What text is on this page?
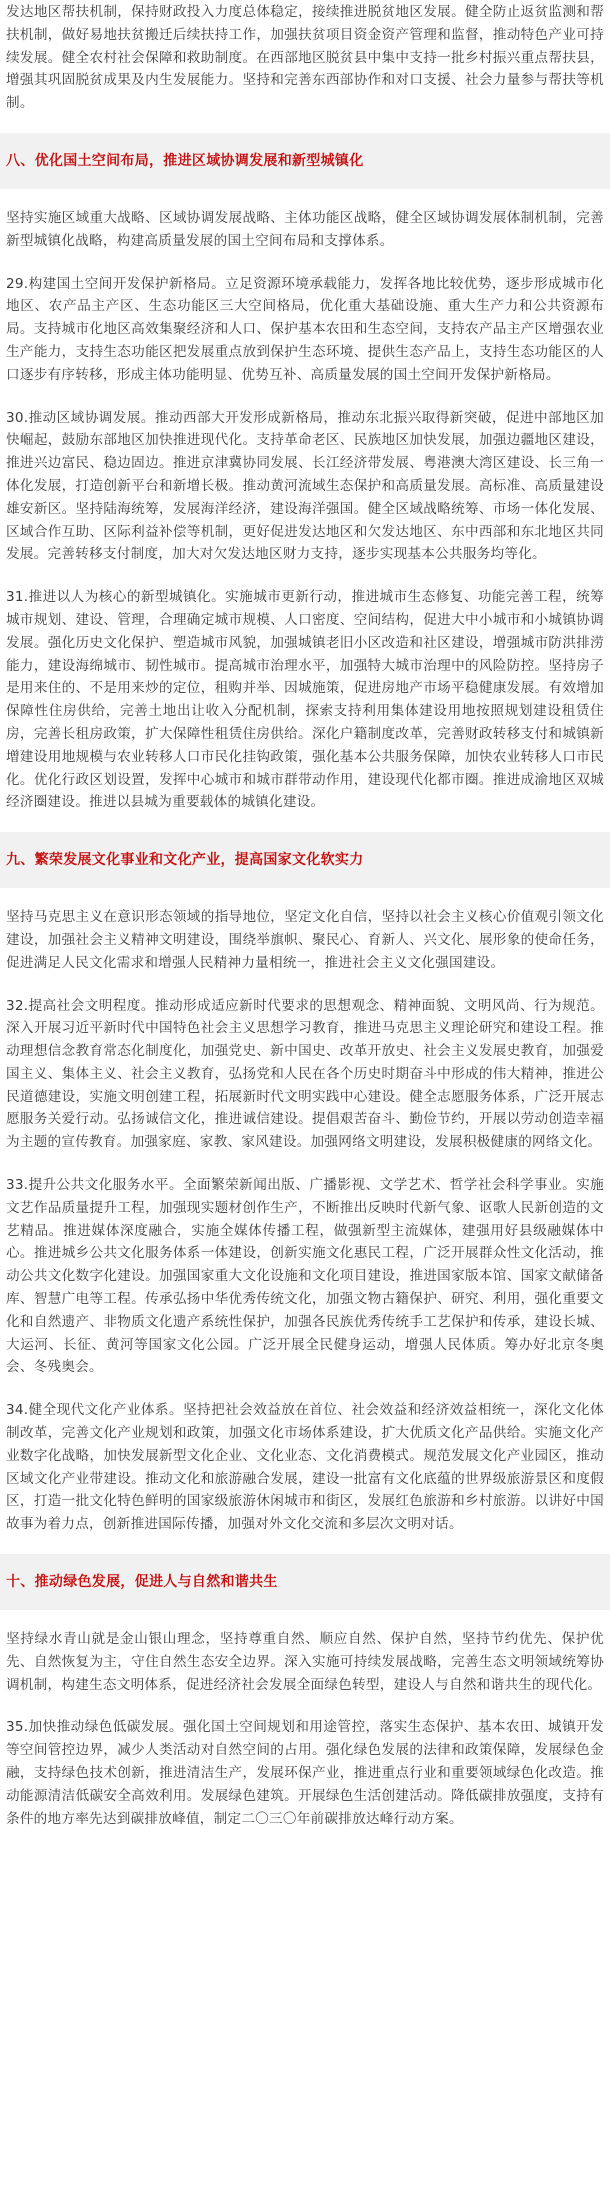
发达地区帮扶机制，保持财政投入力度总体稳定，接续推进脱贫地区发展。健全防止返贫监测和帮扶机制，做好易地扶贫搬迁后续扶持工作，加强扶贫项目资金资产管理和监督，推动特色产业可持续发展。健全农村社会保障和救助制度。在西部地区脱贫县中集中支持一批乡村振兴重点帮扶县，增强其巩固脱贫成果及内生发展能力。坚持和完善东西部协作和对口支援、社会力量参与帮扶等机制。

八、优化国土空间布局，推进区域协调发展和新型城镇化

坚持实施区域重大战略、区域协调发展战略、主体功能区战略，健全区域协调发展体制机制，完善新型城镇化战略，构建高质量发展的国土空间布局和支撑体系。

29.构建国土空间开发保护新格局。立足资源环境承载能力，发挥各地比较优势，逐步形成城市化地区、农产品主产区、生态功能区三大空间格局，优化重大基础设施、重大生产力和公共资源布局。支持城市化地区高效集聚经济和人口、保护基本农田和生态空间，支持农产品主产区增强农业生产能力，支持生态功能区把发展重点放到保护生态环境、提供生态产品上，支持生态功能区的人口逐步有序转移，形成主体功能明显、优势互补、高质量发展的国土空间开发保护新格局。

30.推动区域协调发展。推动西部大开发形成新格局，推动东北振兴取得新突破，促进中部地区加快崛起，鼓励东部地区加快推进现代化。支持革命老区、民族地区加快发展，加强边疆地区建设，推进兴边富民、稳边固边。推进京津冀协同发展、长江经济带发展、粤港澳大湾区建设、长三角一体化发展，打造创新平台和新增长极。推动黄河流域生态保护和高质量发展。高标准、高质量建设雄安新区。坚持陆海统筹，发展海洋经济，建设海洋强国。健全区域战略统筹、市场一体化发展、区域合作互助、区际利益补偿等机制，更好促进发达地区和欠发达地区、东中西部和东北地区共同发展。完善转移支付制度，加大对欠发达地区财力支持，逐步实现基本公共服务均等化。

31.推进以人为核心的新型城镇化。实施城市更新行动，推进城市生态修复、功能完善工程，统筹城市规划、建设、管理，合理确定城市规模、人口密度、空间结构，促进大中小城市和小城镇协调发展。强化历史文化保护、塑造城市风貌，加强城镇老旧小区改造和社区建设，增强城市防洪排涝能力，建设海绵城市、韧性城市。提高城市治理水平，加强特大城市治理中的风险防控。坚持房子是用来住的、不是用来炒的定位，租购并举、因城施策，促进房地产市场平稳健康发展。有效增加保障性住房供给，完善土地出让收入分配机制，探索支持利用集体建设用地按照规划建设租赁住房，完善长租房政策，扩大保障性租赁住房供给。深化户籍制度改革，完善财政转移支付和城镇新增建设用地规模与农业转移人口市民化挂钩政策，强化基本公共服务保障，加快农业转移人口市民化。优化行政区划设置，发挥中心城市和城市群带动作用，建设现代化都市圈。推进成渝地区双城经济圈建设。推进以县城为重要载体的城镇化建设。

九、繁荣发展文化事业和文化产业，提高国家文化软实力

坚持马克思主义在意识形态领域的指导地位，坚定文化自信，坚持以社会主义核心价值观引领文化建设，加强社会主义精神文明建设，围绕举旗帜、聚民心、育新人、兴文化、展形象的使命任务，促进满足人民文化需求和增强人民精神力量相统一，推进社会主义文化强国建设。

32.提高社会文明程度。推动形成适应新时代要求的思想观念、精神面貌、文明风尚、行为规范。深入开展习近平新时代中国特色社会主义思想学习教育，推进马克思主义理论研究和建设工程。推动理想信念教育常态化制度化，加强党史、新中国史、改革开放史、社会主义发展史教育，加强爱国主义、集体主义、社会主义教育，弘扬党和人民在各个历史时期奋斗中形成的伟大精神，推进公民道德建设，实施文明创建工程，拓展新时代文明实践中心建设。健全志愿服务体系，广泛开展志愿服务关爱行动。弘扬诚信文化，推进诚信建设。提倡艰苦奋斗、勤俭节约，开展以劳动创造幸福为主题的宣传教育。加强家庭、家教、家风建设。加强网络文明建设，发展积极健康的网络文化。

33.提升公共文化服务水平。全面繁荣新闻出版、广播影视、文学艺术、哲学社会科学事业。实施文艺作品质量提升工程，加强现实题材创作生产，不断推出反映时代新气象、讴歌人民新创造的文艺精品。推进媒体深度融合，实施全媒体传播工程，做强新型主流媒体，建强用好县级融媒体中心。推进城乡公共文化服务体系一体建设，创新实施文化惠民工程，广泛开展群众性文化活动，推动公共文化数字化建设。加强国家重大文化设施和文化项目建设，推进国家版本馆、国家文献储备库、智慧广电等工程。传承弘扬中华优秀传统文化，加强文物古籍保护、研究、利用，强化重要文化和自然遗产、非物质文化遗产系统性保护，加强各民族优秀传统手工艺保护和传承，建设长城、大运河、长征、黄河等国家文化公园。广泛开展全民健身运动，增强人民体质。筹办好北京冬奥会、冬残奥会。

34.健全现代文化产业体系。坚持把社会效益放在首位、社会效益和经济效益相统一，深化文化体制改革，完善文化产业规划和政策，加强文化市场体系建设，扩大优质文化产品供给。实施文化产业数字化战略，加快发展新型文化企业、文化业态、文化消费模式。规范发展文化产业园区，推动区域文化产业带建设。推动文化和旅游融合发展，建设一批富有文化底蕴的世界级旅游景区和度假区，打造一批文化特色鲜明的国家级旅游休闲城市和街区，发展红色旅游和乡村旅游。以讲好中国故事为着力点，创新推进国际传播，加强对外文化交流和多层次文明对话。

十、推动绿色发展，促进人与自然和谐共生

坚持绿水青山就是金山银山理念，坚持尊重自然、顺应自然、保护自然，坚持节约优先、保护优先、自然恢复为主，守住自然生态安全边界。深入实施可持续发展战略，完善生态文明领域统筹协调机制，构建生态文明体系，促进经济社会发展全面绿色转型，建设人与自然和谐共生的现代化。

35.加快推动绿色低碳发展。强化国土空间规划和用途管控，落实生态保护、基本农田、城镇开发等空间管控边界，减少人类活动对自然空间的占用。强化绿色发展的法律和政策保障，发展绿色金融，支持绿色技术创新，推进清洁生产，发展环保产业，推进重点行业和重要领域绿色化改造。推动能源清洁低碳安全高效利用。发展绿色建筑。开展绿色生活创建活动。降低碳排放强度，支持有条件的地方率先达到碳排放峰值，制定二〇三〇年前碳排放达峰行动方案。
